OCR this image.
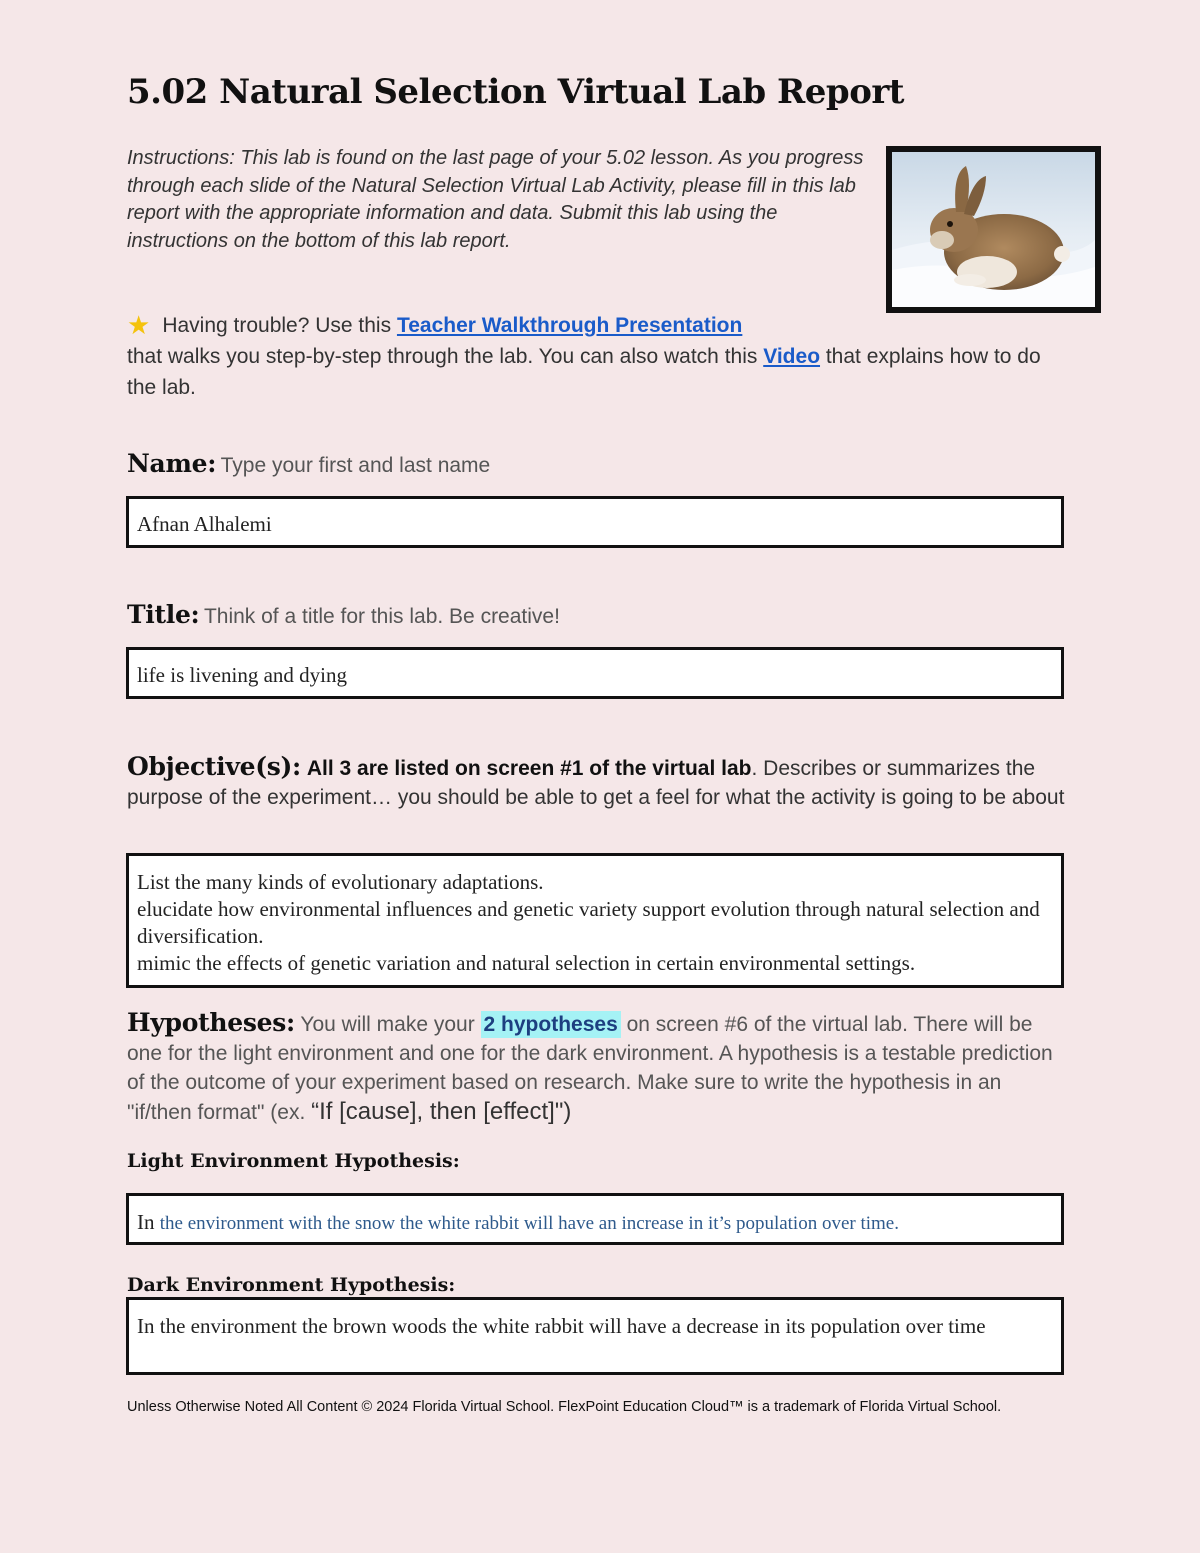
5.02 Natural Selection Virtual Lab Report
Instructions: This lab is found on the last page of your 5.02 lesson. As you progress through each slide of the Natural Selection Virtual Lab Activity, please fill in this lab report with the appropriate information and data. Submit this lab using the instructions on the bottom of this lab report.
★ Having trouble? Use this Teacher Walkthrough Presentation
that walks you step-by-step through the lab. You can also watch this Video that explains how to do the lab.
Name: Type your first and last name
Afnan Alhalemi
Title: Think of a title for this lab. Be creative!
life is livening and dying
Objective(s): All 3 are listed on screen #1 of the virtual lab. Describes or summarizes the purpose of the experiment… you should be able to get a feel for what the activity is going to be about
List the many kinds of evolutionary adaptations.
elucidate how environmental influences and genetic variety support evolution through natural selection and diversification.
mimic the effects of genetic variation and natural selection in certain environmental settings.
Hypotheses: You will make your 2 hypotheses on screen #6 of the virtual lab. There will be one for the light environment and one for the dark environment. A hypothesis is a testable prediction of the outcome of your experiment based on research. Make sure to write the hypothesis in an "if/then format" (ex. “If [cause], then [effect]")
Light Environment Hypothesis:
In the environment with the snow the white rabbit will have an increase in it’s population over time.
Dark Environment Hypothesis:
In the environment the brown woods the white rabbit will have a decrease in its population over time
Unless Otherwise Noted All Content © 2024 Florida Virtual School. FlexPoint Education Cloud™ is a trademark of Florida Virtual School.
